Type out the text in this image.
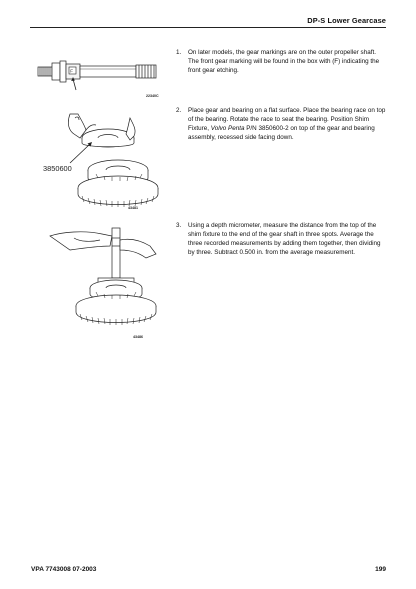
DP-S Lower Gearcase
F
22340C
3850600
43481
43486
1. On later models, the gear markings are on the outer propeller shaft. The front gear marking will be found in the box with (F) indicating the front gear etching.
2. Place gear and bearing on a flat surface. Place the bearing race on top of the bearing. Rotate the race to seat the bearing. Position Shim Fixture, Volvo Penta P/N 3850600-2 on top of the gear and bearing assembly, recessed side facing down.
3. Using a depth micrometer, measure the distance from the top of the shim fixture to the end of the gear shaft in three spots. Average the three recorded measurements by adding them together, then dividing by three. Subtract 0.500 in. from the average measurement.
VPA 7743008 07-2003	199
